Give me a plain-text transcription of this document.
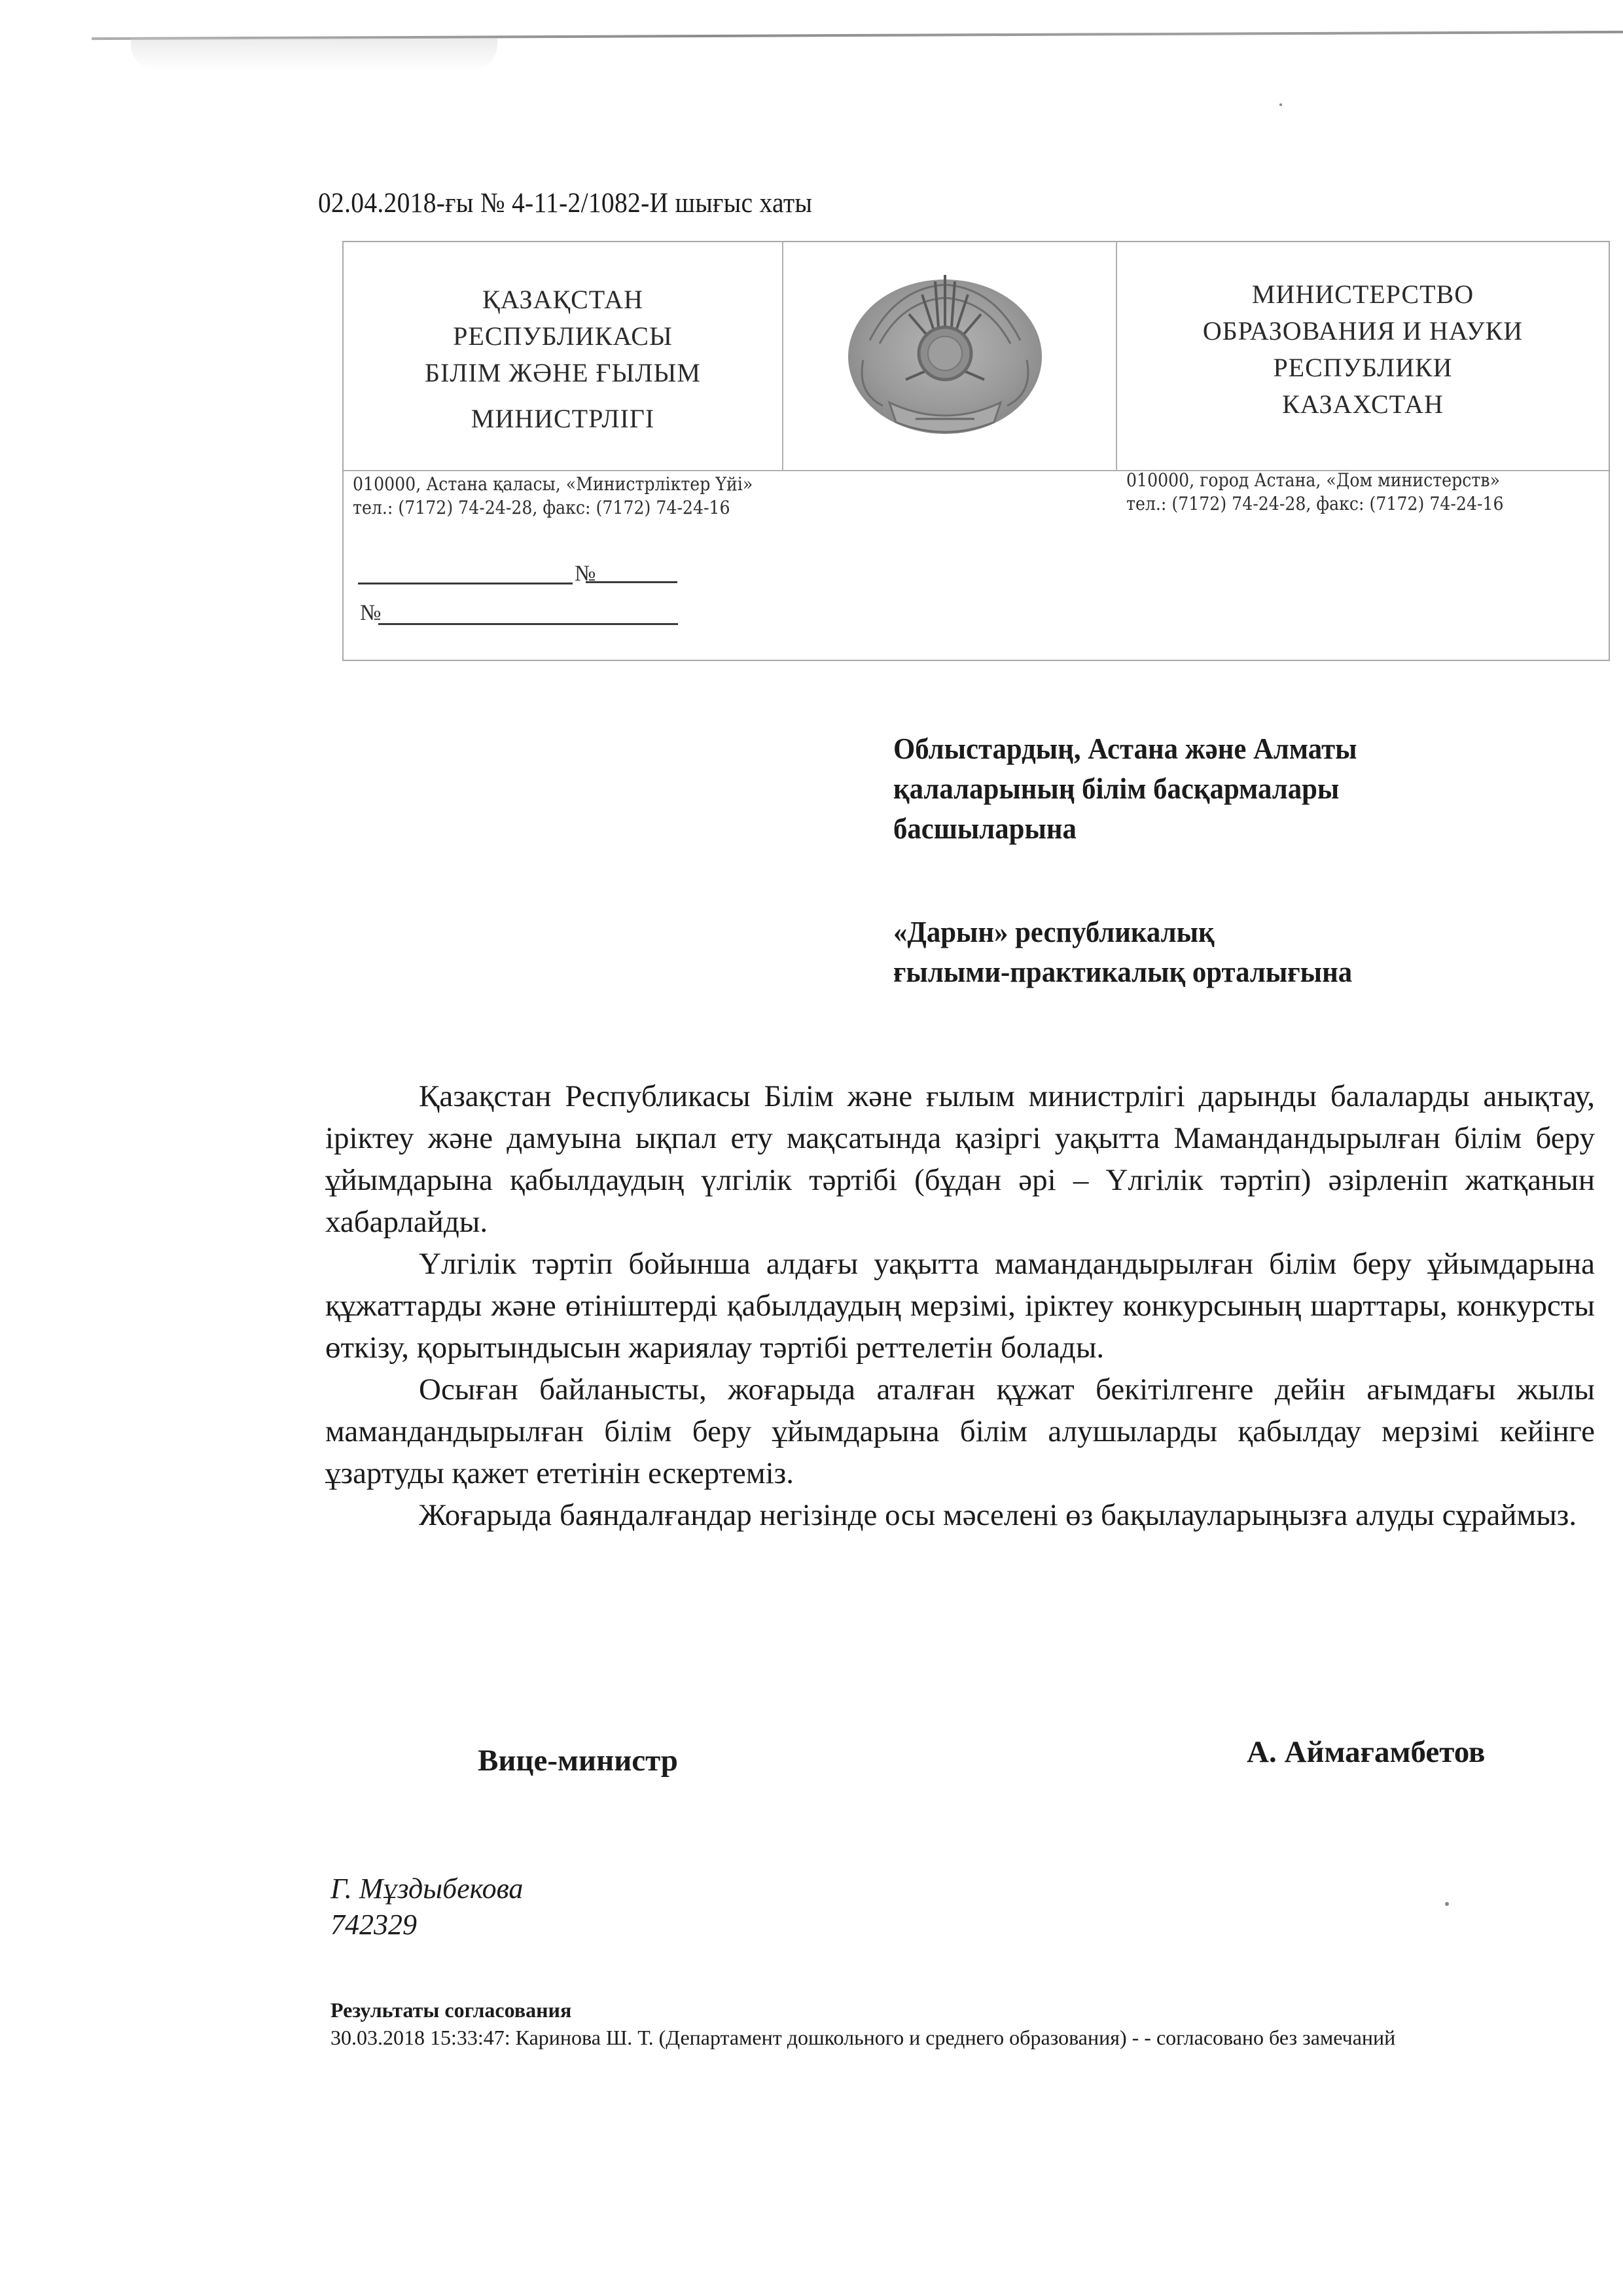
02.04.2018-ғы № 4-11-2/1082-И шығыс хаты
ҚАЗАҚСТАН
РЕСПУБЛИКАСЫ
БІЛІМ ЖӘНЕ ҒЫЛЫМ
МИНИСТРЛІГІ
МИНИСТЕРСТВО
ОБРАЗОВАНИЯ И НАУКИ
РЕСПУБЛИКИ
КАЗАХСТАН
010000, Астана қаласы, «Министрліктер Үйі»
тел.: (7172) 74-24-28, факс: (7172) 74-24-16
010000, город Астана, «Дом министерств»
тел.: (7172) 74-24-28, факс: (7172) 74-24-16
№
№
Облыстардың, Астана және Алматы
қалаларының білім басқармалары
басшыларына
«Дарын» республикалық
ғылыми-практикалық орталығына

Қазақстан Республикасы Білім және ғылым министрлігі дарынды балаларды анықтау, іріктеу және дамуына ықпал ету мақсатында қазіргі уақытта Мамандандырылған білім беру ұйымдарына қабылдаудың үлгілік тәртібі (бұдан әрі – Үлгілік тәртіп) әзірленіп жатқанын хабарлайды.

Үлгілік тәртіп бойынша алдағы уақытта мамандандырылған білім беру ұйымдарына құжаттарды және өтініштерді қабылдаудың мерзімі, іріктеу конкурсының шарттары, конкурсты өткізу, қорытындысын жариялау тәртібі реттелетін болады.

Осыған байланысты, жоғарыда аталған құжат бекітілгенге дейін ағымдағы жылы мамандандырылған білім беру ұйымдарына білім алушыларды қабылдау мерзімі кейінге ұзартуды қажет ететінін ескертеміз.

Жоғарыда баяндалғандар негізінде осы мәселені өз бақылауларыңызға алуды сұраймыз.

Вице-министр	А. Аймағамбетов
Г. Мұздыбекова
742329
Результаты согласования
30.03.2018 15:33:47: Каринова Ш. Т. (Департамент дошкольного и среднего образования) - - согласовано без замечаний
